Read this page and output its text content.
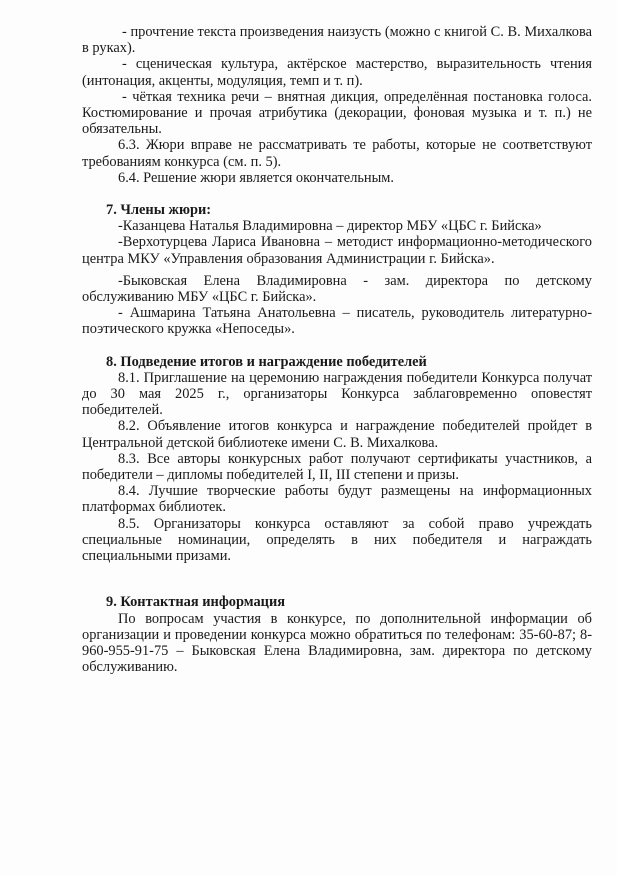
- прочтение текста произведения наизусть (можно с книгой С. В. Михалкова в руках).

- сценическая культура, актёрское мастерство, выразительность чтения (интонация, акценты, модуляция, темп и т. п).

- чёткая техника речи – внятная дикция, определённая постановка голоса. Костюмирование и прочая атрибутика (декорации, фоновая музыка и т. п.) не обязательны.

6.3. Жюри вправе не рассматривать те работы, которые не соответствуют требованиям конкурса (см. п. 5).

6.4. Решение жюри является окончательным.

7. Члены жюри:

-Казанцева Наталья Владимировна – директор МБУ «ЦБС г. Бийска»

-Верхотурцева Лариса Ивановна – методист информационно-методического центра МКУ «Управления образования Администрации г. Бийска».

-Быковская Елена Владимировна - зам. директора по детскому обслуживанию МБУ «ЦБС г. Бийска».

- Ашмарина Татьяна Анатольевна – писатель, руководитель литературно-поэтического кружка «Непоседы».

8. Подведение итогов и награждение победителей

8.1. Приглашение на церемонию награждения победители Конкурса получат до 30 мая 2025 г., организаторы Конкурса заблаговременно оповестят победителей.

8.2. Объявление итогов конкурса и награждение победителей пройдет в Центральной детской библиотеке имени С. В. Михалкова.

8.3. Все авторы конкурсных работ получают сертификаты участников, а победители – дипломы победителей I, II, III степени и призы.

8.4. Лучшие творческие работы будут размещены на информационных платформах библиотек.

8.5. Организаторы конкурса оставляют за собой право учреждать специальные номинации, определять в них победителя и награждать специальными призами.

9. Контактная информация

По вопросам участия в конкурсе, по дополнительной информации об организации и проведении конкурса можно обратиться по телефонам: 35-60-87; 8-960-955-91-75 – Быковская Елена Владимировна, зам. директора по детскому обслуживанию.
